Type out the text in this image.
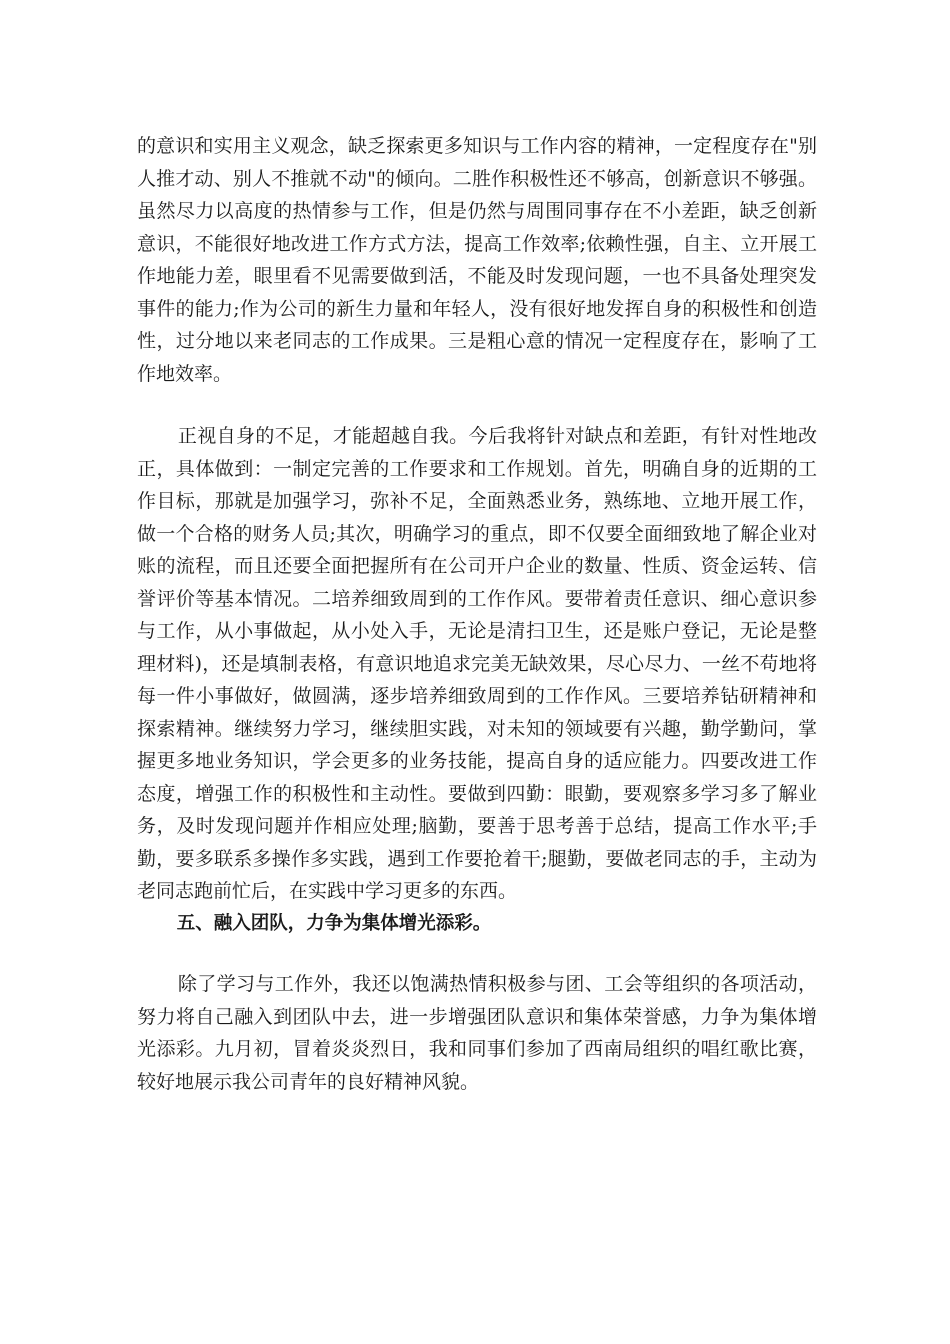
的意识和实用主义观念，缺乏探索更多知识与工作内容的精神，一定程度存在"别人推才动、别人不推就不动"的倾向。二胜作积极性还不够高，创新意识不够强。虽然尽力以高度的热情参与工作，但是仍然与周围同事存在不小差距，缺乏创新意识，不能很好地改进工作方式方法，提高工作效率;依赖性强，自主、立开展工作地能力差，眼里看不见需要做到活，不能及时发现问题，一也不具备处理突发事件的能力;作为公司的新生力量和年轻人，没有很好地发挥自身的积极性和创造性，过分地以来老同志的工作成果。三是粗心意的情况一定程度存在，影响了工作地效率。

正视自身的不足，才能超越自我。今后我将针对缺点和差距，有针对性地改正，具体做到：一制定完善的工作要求和工作规划。首先，明确自身的近期的工作目标，那就是加强学习，弥补不足，全面熟悉业务，熟练地、立地开展工作，做一个合格的财务人员;其次，明确学习的重点，即不仅要全面细致地了解企业对账的流程，而且还要全面把握所有在公司开户企业的数量、性质、资金运转、信誉评价等基本情况。二培养细致周到的工作作风。要带着责任意识、细心意识参与工作，从小事做起，从小处入手，无论是清扫卫生，还是账户登记，无论是整理材料)，还是填制表格，有意识地追求完美无缺效果，尽心尽力、一丝不苟地将每一件小事做好，做圆满，逐步培养细致周到的工作作风。三要培养钻研精神和探索精神。继续努力学习，继续胆实践，对未知的领域要有兴趣，勤学勤问，掌握更多地业务知识，学会更多的业务技能，提高自身的适应能力。四要改进工作态度，增强工作的积极性和主动性。要做到四勤：眼勤，要观察多学习多了解业务，及时发现问题并作相应处理;脑勤，要善于思考善于总结，提高工作水平;手勤，要多联系多操作多实践，遇到工作要抢着干;腿勤，要做老同志的手，主动为老同志跑前忙后，在实践中学习更多的东西。

五、融入团队，力争为集体增光添彩。

除了学习与工作外，我还以饱满热情积极参与团、工会等组织的各项活动，努力将自己融入到团队中去，进一步增强团队意识和集体荣誉感，力争为集体增光添彩。九月初，冒着炎炎烈日，我和同事们参加了西南局组织的唱红歌比赛，较好地展示我公司青年的良好精神风貌。
